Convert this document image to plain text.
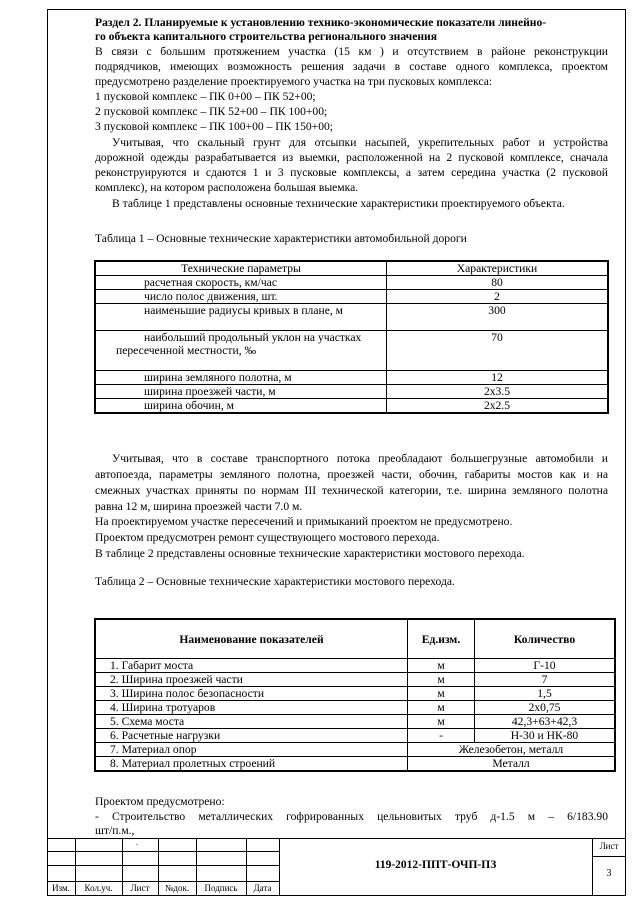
Раздел 2. Планируемые к установлению технико-экономические показатели линейно-
го объекта капитального строительства регионального значения
В связи с большим протяжением участка (15 км ) и отсутствием в районе реконструкции
подрядчиков, имеющих возможность решения задачи в составе одного комплекса, проектом
предусмотрено разделение проектируемого участка на три пусковых комплекса:
1 пусковой комплекс – ПК 0+00 – ПК 52+00;
2 пусковой комплекс – ПК 52+00 – ПК 100+00;
3 пусковой комплекс – ПК 100+00 – ПК 150+00;
Учитывая, что скальный грунт для отсыпки насыпей, укрепительных работ и устройства
дорожной одежды разрабатывается из выемки, расположенной на 2 пусковой комплексе, сначала
реконструируются и сдаются 1 и 3 пусковые комплексы, а затем середина участка (2 пусковой
комплекс), на котором расположена большая выемка.
В таблице 1 представлены основные технические характеристики проектируемого объекта.
Таблица 1 – Основные технические характеристики автомобильной дороги
Технические параметры	Характеристики
расчетная скорость, км/час	80
число полос движения, шт.	2
наименьшие радиусы кривых в плане, м	300
наибольший продольный уклон на участках пересеченной местности, ‰	70
ширина земляного полотна, м	12
ширина проезжей части, м	2х3.5
ширина обочин, м	2х2.5
Учитывая, что в составе транспортного потока преобладают большегрузные автомобили и
автопоезда, параметры земляного полотна, проезжей части, обочин, габариты мостов как и на
смежных участках приняты по нормам III технической категории, т.е. ширина земляного полотна
равна 12 м, ширина проезжей части 7.0 м.
На проектируемом участке пересечений и примыканий проектом не предусмотрено.
Проектом предусмотрен ремонт существующего мостового перехода.
В таблице 2 представлены основные технические характеристики мостового перехода.
Таблица 2 – Основные технические характеристики мостового перехода.
Наименование показателей	Ед.изм.	Количество
1. Габарит моста	м	Г-10
2. Ширина проезжей части	м	7
3. Ширина полос безопасности	м	1,5
4. Ширина тротуаров	м	2х0,75
5. Схема моста	м	42,3+63+42,3
6. Расчетные нагрузки	-	Н-30 и НК-80
7. Материал опор	Железобетон, металл	
8. Материал пролетных строений	Металл	
Проектом предусмотрено:
- Строительство металлических гофрированных цельновитых труб д-1.5 м – 6/183.90
шт/п.м.,
.
Изм.	Кол.уч.	Лист	№док.	Подпись	Дата
119-2012-ППТ-ОЧП-ПЗ
Лист
3
